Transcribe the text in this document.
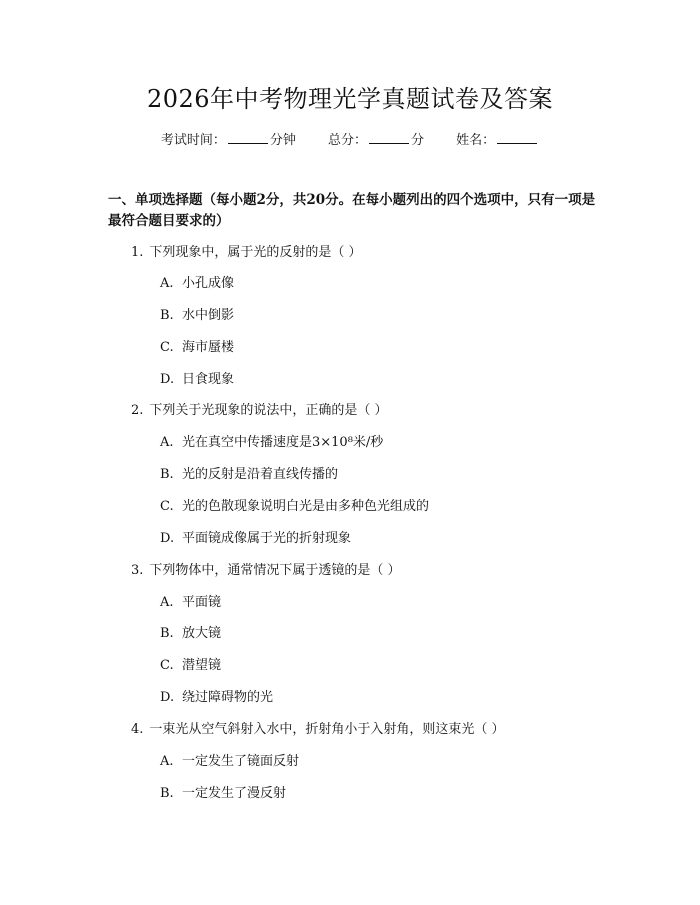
2026年中考物理光学真题试卷及答案
考试时间：	分钟 总分：	分 姓名：
一、单项选择题（每小题2分，共20分。在每小题列出的四个选项中，只有一项是最符合题目要求的）
1. 下列现象中，属于光的反射的是（ ）
A. 小孔成像
B. 水中倒影
C. 海市蜃楼
D. 日食现象
2. 下列关于光现象的说法中，正确的是（ ）
A. 光在真空中传播速度是3×10⁸米/秒
B. 光的反射是沿着直线传播的
C. 光的色散现象说明白光是由多种色光组成的
D. 平面镜成像属于光的折射现象
3. 下列物体中，通常情况下属于透镜的是（ ）
A. 平面镜
B. 放大镜
C. 潜望镜
D. 绕过障碍物的光
4. 一束光从空气斜射入水中，折射角小于入射角，则这束光（ ）
A. 一定发生了镜面反射
B. 一定发生了漫反射
